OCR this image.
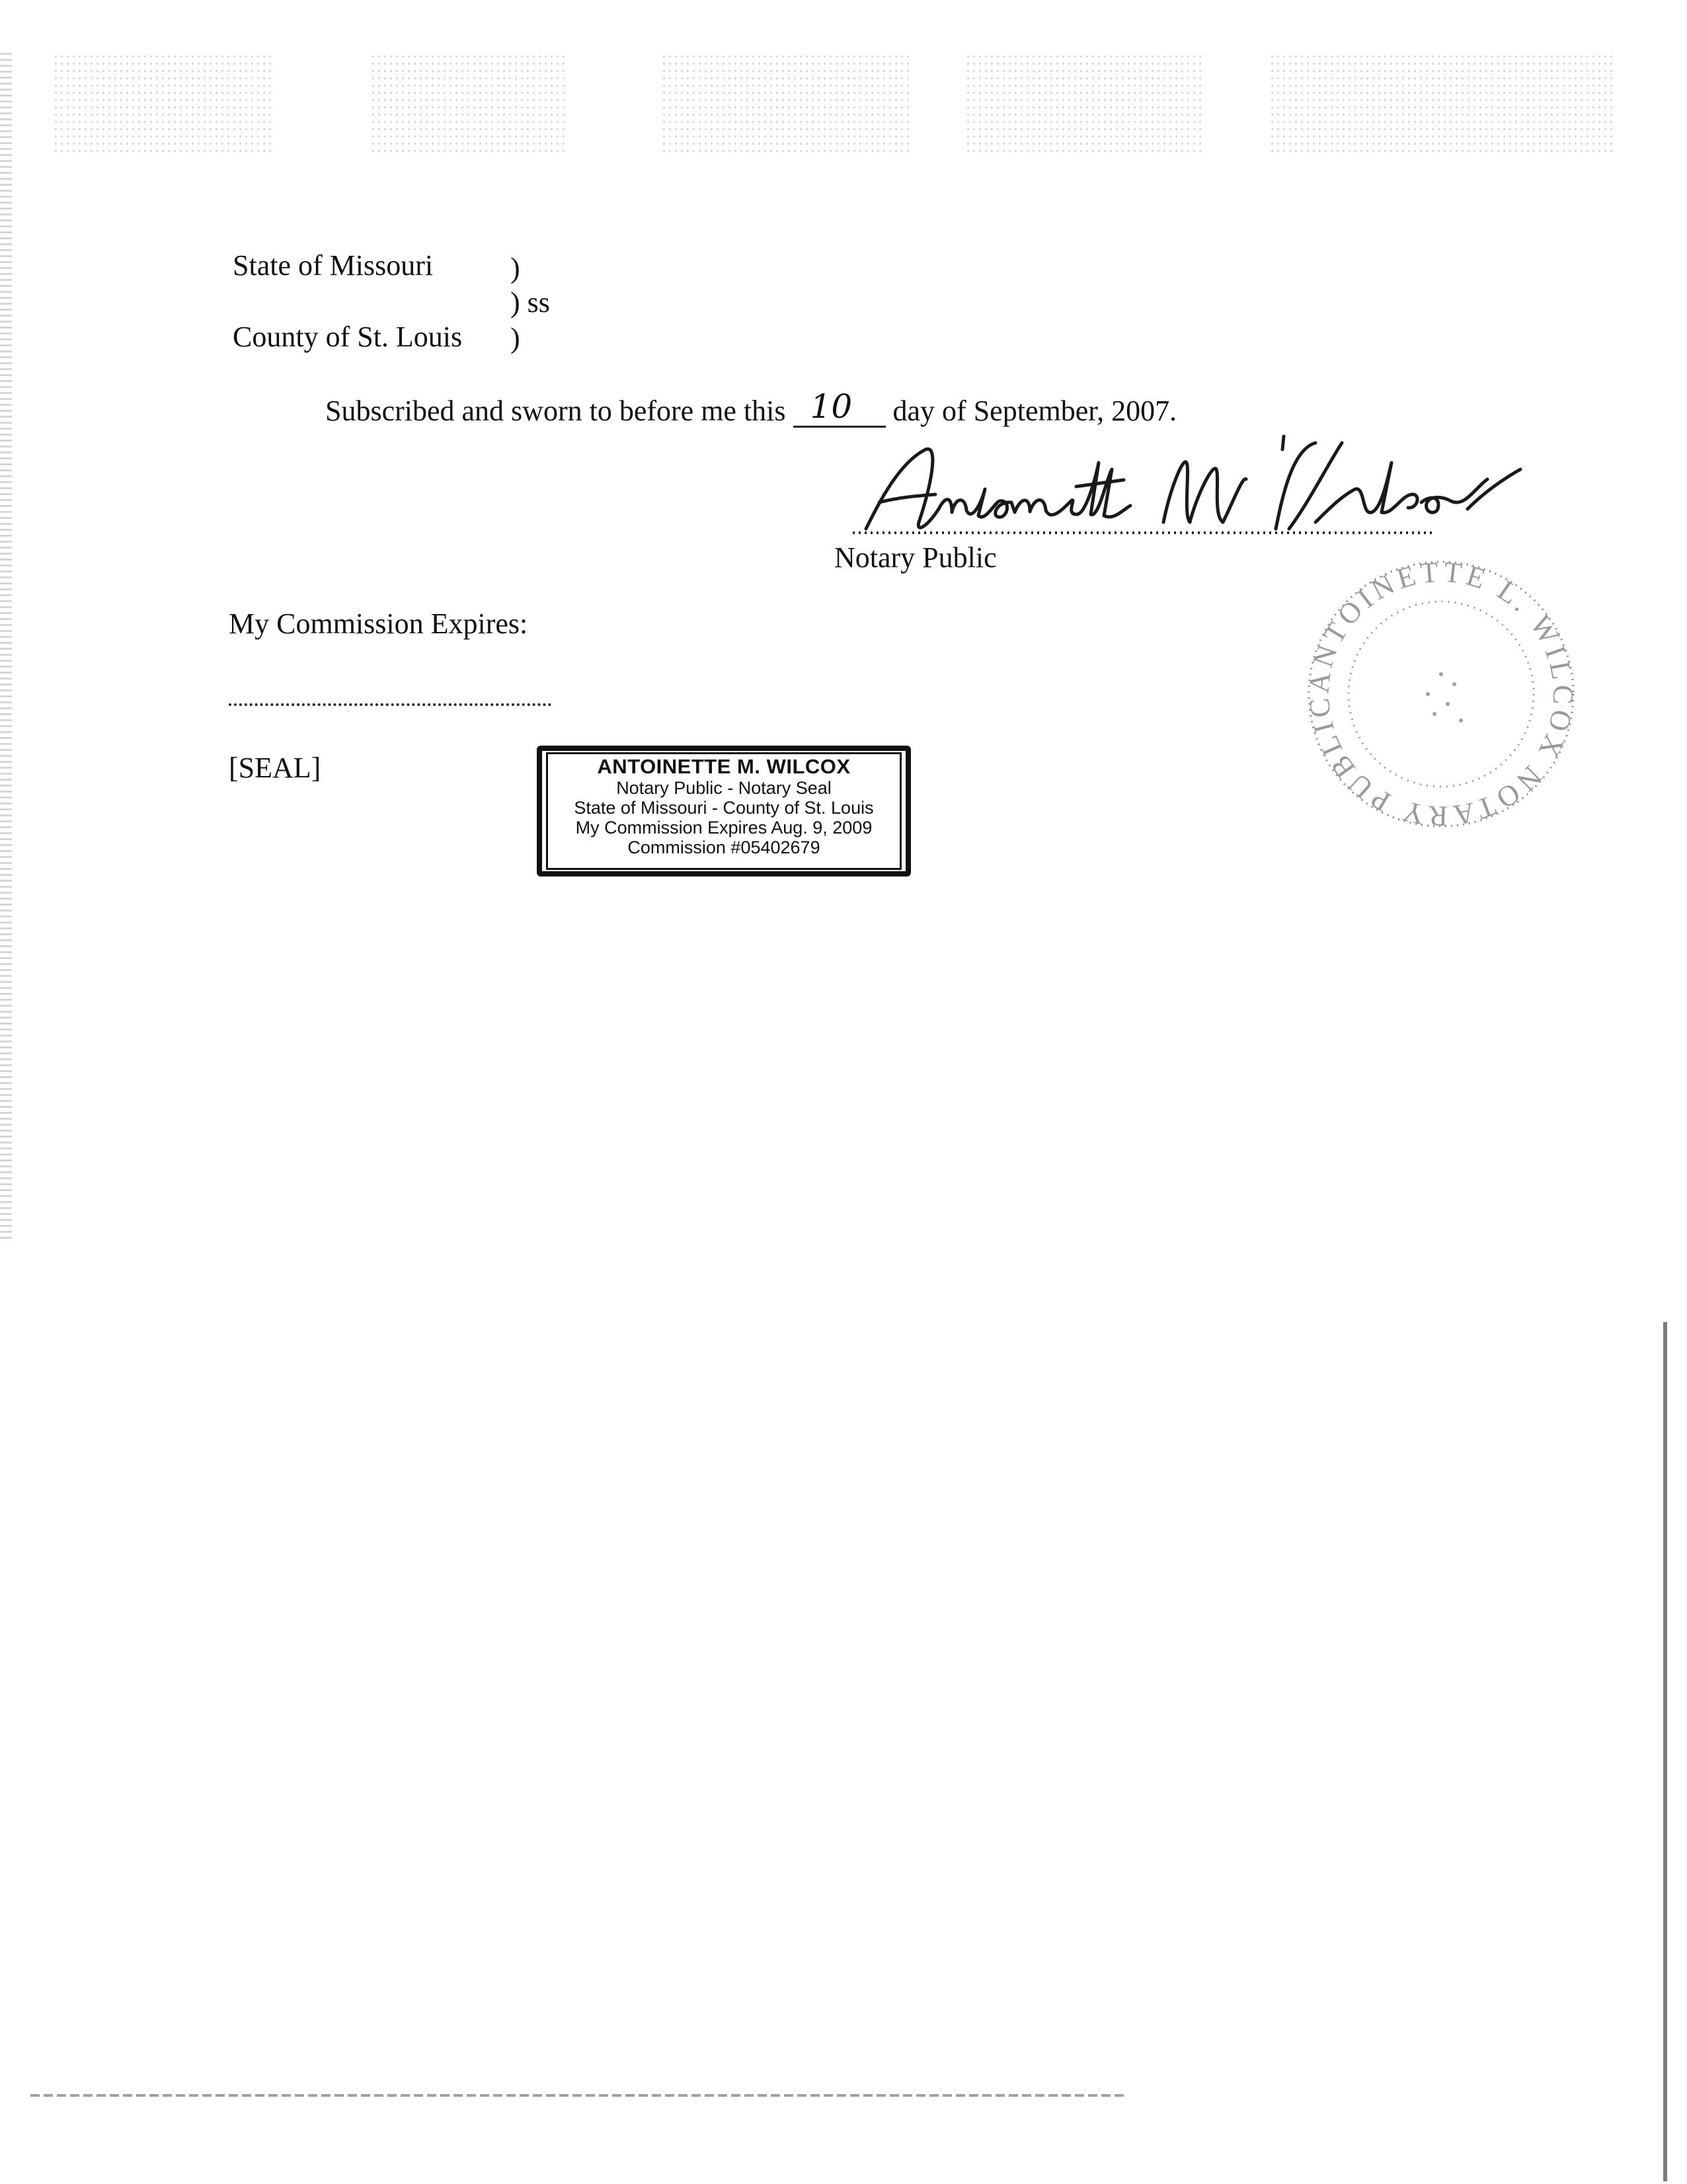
State of Missouri	)
) ss
County of St. Louis )
Subscribed and sworn to before me this 10 day of September, 2007.
Notary Public
My Commission Expires:
[SEAL]	ANTOINETTE M. WILCOX
Notary Public - Notary Seal
State of Missouri - County of St. Louis
My Commission Expires Aug. 9, 2009
Commission #05402679
ANTOINETTE L. WILCOX NOTARY PUBLIC
